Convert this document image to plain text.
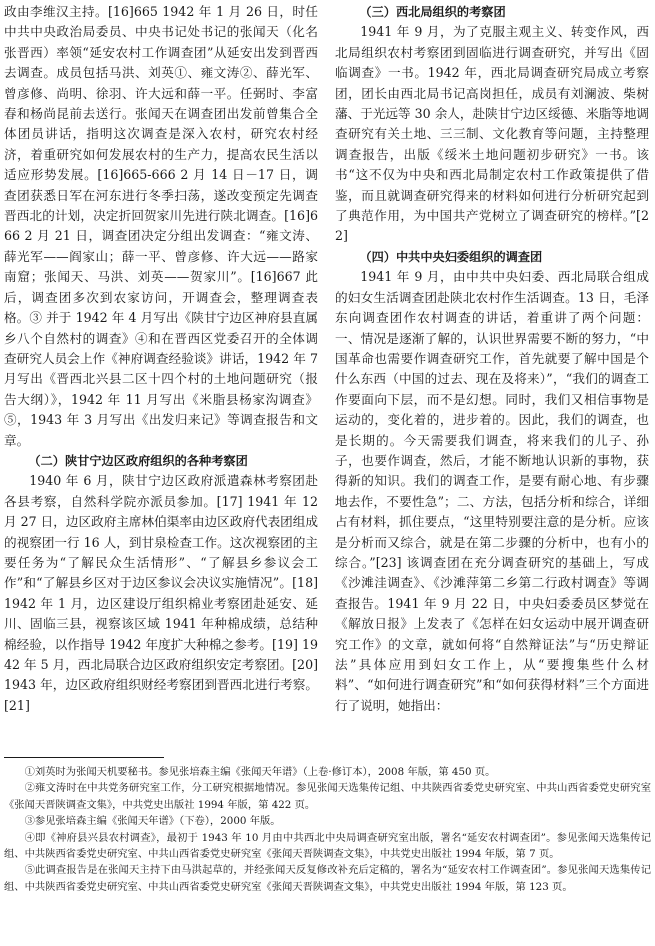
政由李维汉主持。[16]665 1942 年 1 月 26 日，时任中共中央政治局委员、中央书记处书记的张闻天（化名张晋西）率领“延安农村工作调查团”从延安出发到晋西去调查。成员包括马洪、刘英①、雍文涛②、薛光军、曾彦修、尚明、徐羽、许大远和薛一平。任弼时、李富春和杨尚昆前去送行。张闻天在调查团出发前曾集合全体团员讲话，指明这次调查是深入农村，研究农村经济，着重研究如何发展农村的生产力，提高农民生活以适应形势发展。[16]665-666 2 月 14 日－17 日，调查团获悉日军在河东进行冬季扫荡，遂改变预定先调查晋西北的计划，决定折回贺家川先进行陕北调查。[16]666 2 月 21 日，调查团决定分组出发调查：“雍文涛、薛光军——阎家山；薛一平、曾彦修、许大远——路家南窟；张闻天、马洪、刘英——贺家川”。[16]667 此后，调查团多次到农家访问，开调查会，整理调查表格。③ 并于 1942 年 4 月写出《陕甘宁边区神府县直属乡八个自然村的调查》④和在晋西区党委召开的全体调查研究人员会上作《神府调查经验谈》讲话，1942 年 7 月写出《晋西北兴县二区十四个村的土地问题研究（报告大纲）》，1942 年 11 月写出《米脂县杨家沟调查》⑤，1943 年 3 月写出《出发归来记》等调查报告和文章。

（二）陕甘宁边区政府组织的各种考察团

1940 年 6 月，陕甘宁边区政府派遣森林考察团赴各县考察，自然科学院亦派员参加。[17] 1941 年 12 月 27 日，边区政府主席林伯渠率由边区政府代表团组成的视察团一行 16 人，到甘泉检查工作。这次视察团的主要任务为“了解民众生活情形”、“了解县乡参议会工作”和“了解县乡区对于边区参议会决议实施情况”。[18] 1942 年 1 月，边区建设厅组织棉业考察团赴延安、延川、固临三县，视察该区域 1941 年种棉成绩，总结种棉经验，以作指导 1942 年度扩大种棉之参考。[19] 1942 年 5 月，西北局联合边区政府组织安定考察团。[20] 1943 年，边区政府组织财经考察团到晋西北进行考察。[21]

（三）西北局组织的考察团

1941 年 9 月，为了克服主观主义、转变作风，西北局组织农村考察团到固临进行调查研究，并写出《固临调查》一书。1942 年，西北局调查研究局成立考察团，团长由西北局书记高岗担任，成员有刘澜波、柴树藩、于光远等 30 余人，赴陕甘宁边区绥德、米脂等地调查研究有关土地、三三制、文化教育等问题，主持整理调查报告，出版《绥米土地问题初步研究》一书。该书“这不仅为中央和西北局制定农村工作政策提供了借鉴，而且就调查研究得来的材料如何进行分析研究起到了典范作用，为中国共产党树立了调查研究的榜样。”[22]

（四）中共中央妇委组织的调查团

1941 年 9 月，由中共中央妇委、西北局联合组成的妇女生活调查团赴陕北农村作生活调查。13 日，毛泽东向调查团作农村调查的讲话，着重讲了两个问题：一、情况是逐渐了解的，认识世界需要不断的努力，“中国革命也需要作调查研究工作，首先就要了解中国是个什么东西（中国的过去、现在及将来）”，“我们的调查工作要面向下层，而不是幻想。同时，我们又相信事物是运动的，变化着的，进步着的。因此，我们的调查，也是长期的。今天需要我们调查，将来我们的儿子、孙子，也要作调查，然后，才能不断地认识新的事物，获得新的知识。我们的调查工作，是要有耐心地、有步骤地去作，不要性急”；二、方法，包括分析和综合，详细占有材料，抓住要点，“这里特别要注意的是分析。应该是分析而又综合，就是在第二步骤的分析中，也有小的综合。”[23] 该调查团在充分调查研究的基础上，写成《沙滩洼调查》、《沙滩萍第二乡第二行政村调查》等调查报告。1941 年 9 月 22 日，中央妇委委员区梦觉在《解放日报》上发表了《怎样在妇女运动中展开调查研究工作》的文章，就如何将“自然辩证法”与“历史辩证法”具体应用到妇女工作上，从“要搜集些什么材料”、“如何进行调查研究”和“如何获得材料”三个方面进行了说明，她指出：

①刘英时为张闻天机要秘书。参见张培森主编《张闻天年谱》（上卷·修订本），2008 年版，第 450 页。

②雍文涛时在中共党务研究室工作，分工研究根据地情况。参见张闻天选集传记组、中共陕西省委党史研究室、中共山西省委党史研究室《张闻天晋陕调查文集》，中共党史出版社 1994 年版，第 422 页。

③参见张培森主编《张闻天年谱》（下卷），2000 年版。

④即《神府县兴县农村调查》，最初于 1943 年 10 月由中共西北中央局调查研究室出版，署名“延安农村调查团”。参见张闻天选集传记组、中共陕西省委党史研究室、中共山西省委党史研究室《张闻天晋陕调查文集》，中共党史出版社 1994 年版，第 7 页。

⑤此调查报告是在张闻天主持下由马洪起草的，并经张闻天反复修改补充后定稿的，署名为“延安农村工作调查团”。参见张闻天选集传记组、中共陕西省委党史研究室、中共山西省委党史研究室《张闻天晋陕调查文集》，中共党史出版社 1994 年版，第 123 页。
